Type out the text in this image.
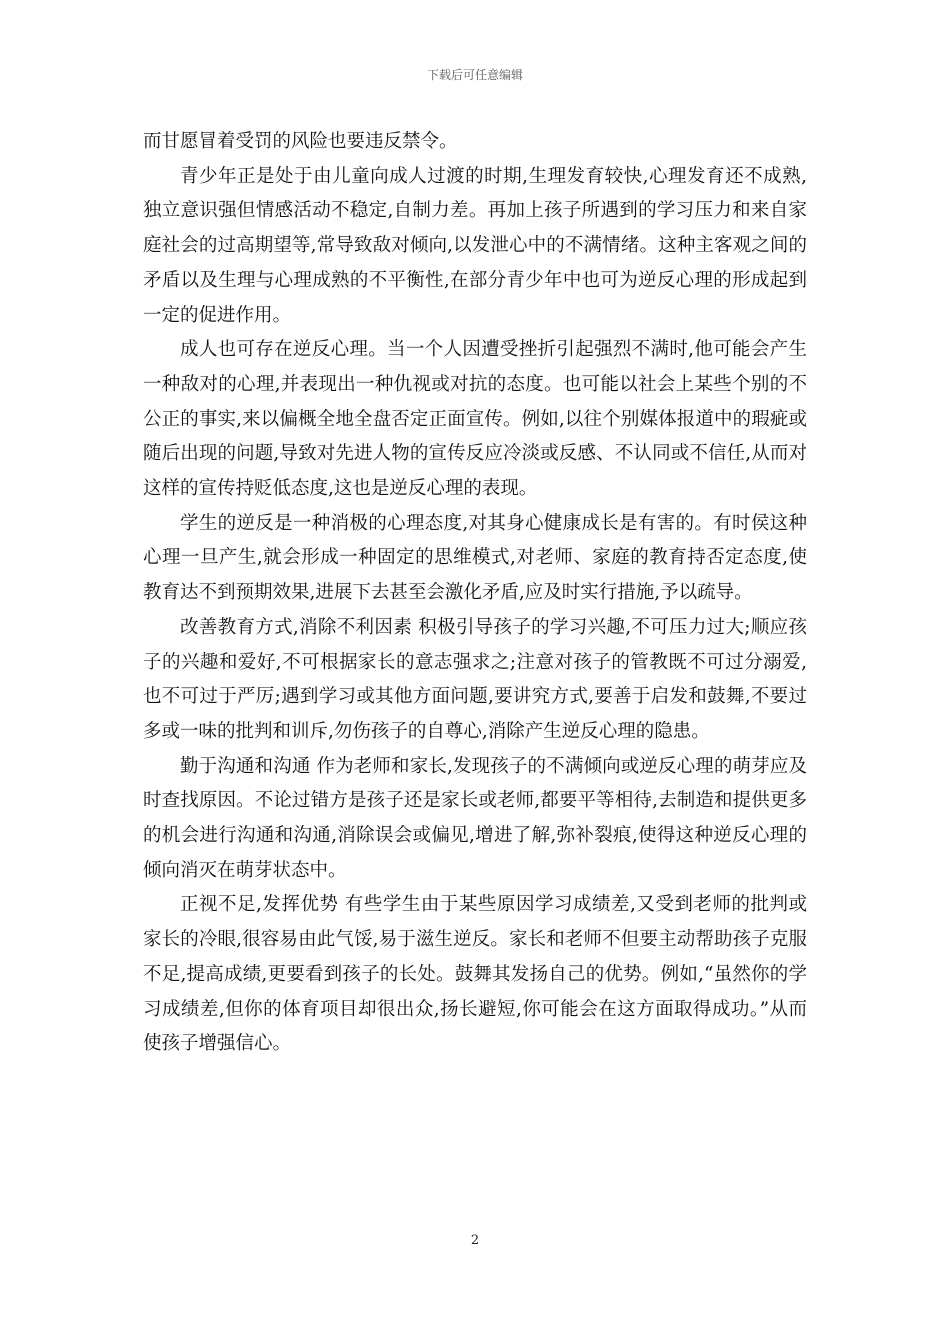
下载后可任意编辑

而甘愿冒着受罚的风险也要违反禁令。

青少年正是处于由儿童向成人过渡的时期,生理发育较快,心理发育还不成熟,独立意识强但情感活动不稳定,自制力差。再加上孩子所遇到的学习压力和来自家庭社会的过高期望等,常导致敌对倾向,以发泄心中的不满情绪。这种主客观之间的矛盾以及生理与心理成熟的不平衡性,在部分青少年中也可为逆反心理的形成起到一定的促进作用。

成人也可存在逆反心理。当一个人因遭受挫折引起强烈不满时,他可能会产生一种敌对的心理,并表现出一种仇视或对抗的态度。也可能以社会上某些个别的不公正的事实,来以偏概全地全盘否定正面宣传。例如,以往个别媒体报道中的瑕疵或随后出现的问题,导致对先进人物的宣传反应冷淡或反感、不认同或不信任,从而对这样的宣传持贬低态度,这也是逆反心理的表现。

学生的逆反是一种消极的心理态度,对其身心健康成长是有害的。有时侯这种心理一旦产生,就会形成一种固定的思维模式,对老师、家庭的教育持否定态度,使教育达不到预期效果,进展下去甚至会激化矛盾,应及时实行措施,予以疏导。

改善教育方式,消除不利因素 积极引导孩子的学习兴趣,不可压力过大;顺应孩子的兴趣和爱好,不可根据家长的意志强求之;注意对孩子的管教既不可过分溺爱,也不可过于严厉;遇到学习或其他方面问题,要讲究方式,要善于启发和鼓舞,不要过多或一味的批判和训斥,勿伤孩子的自尊心,消除产生逆反心理的隐患。

勤于沟通和沟通 作为老师和家长,发现孩子的不满倾向或逆反心理的萌芽应及时查找原因。不论过错方是孩子还是家长或老师,都要平等相待,去制造和提供更多的机会进行沟通和沟通,消除误会或偏见,增进了解,弥补裂痕,使得这种逆反心理的倾向消灭在萌芽状态中。

正视不足,发挥优势 有些学生由于某些原因学习成绩差,又受到老师的批判或家长的冷眼,很容易由此气馁,易于滋生逆反。家长和老师不但要主动帮助孩子克服不足,提高成绩,更要看到孩子的长处。鼓舞其发扬自己的优势。例如,“虽然你的学习成绩差,但你的体育项目却很出众,扬长避短,你可能会在这方面取得成功。”从而使孩子增强信心。

2
